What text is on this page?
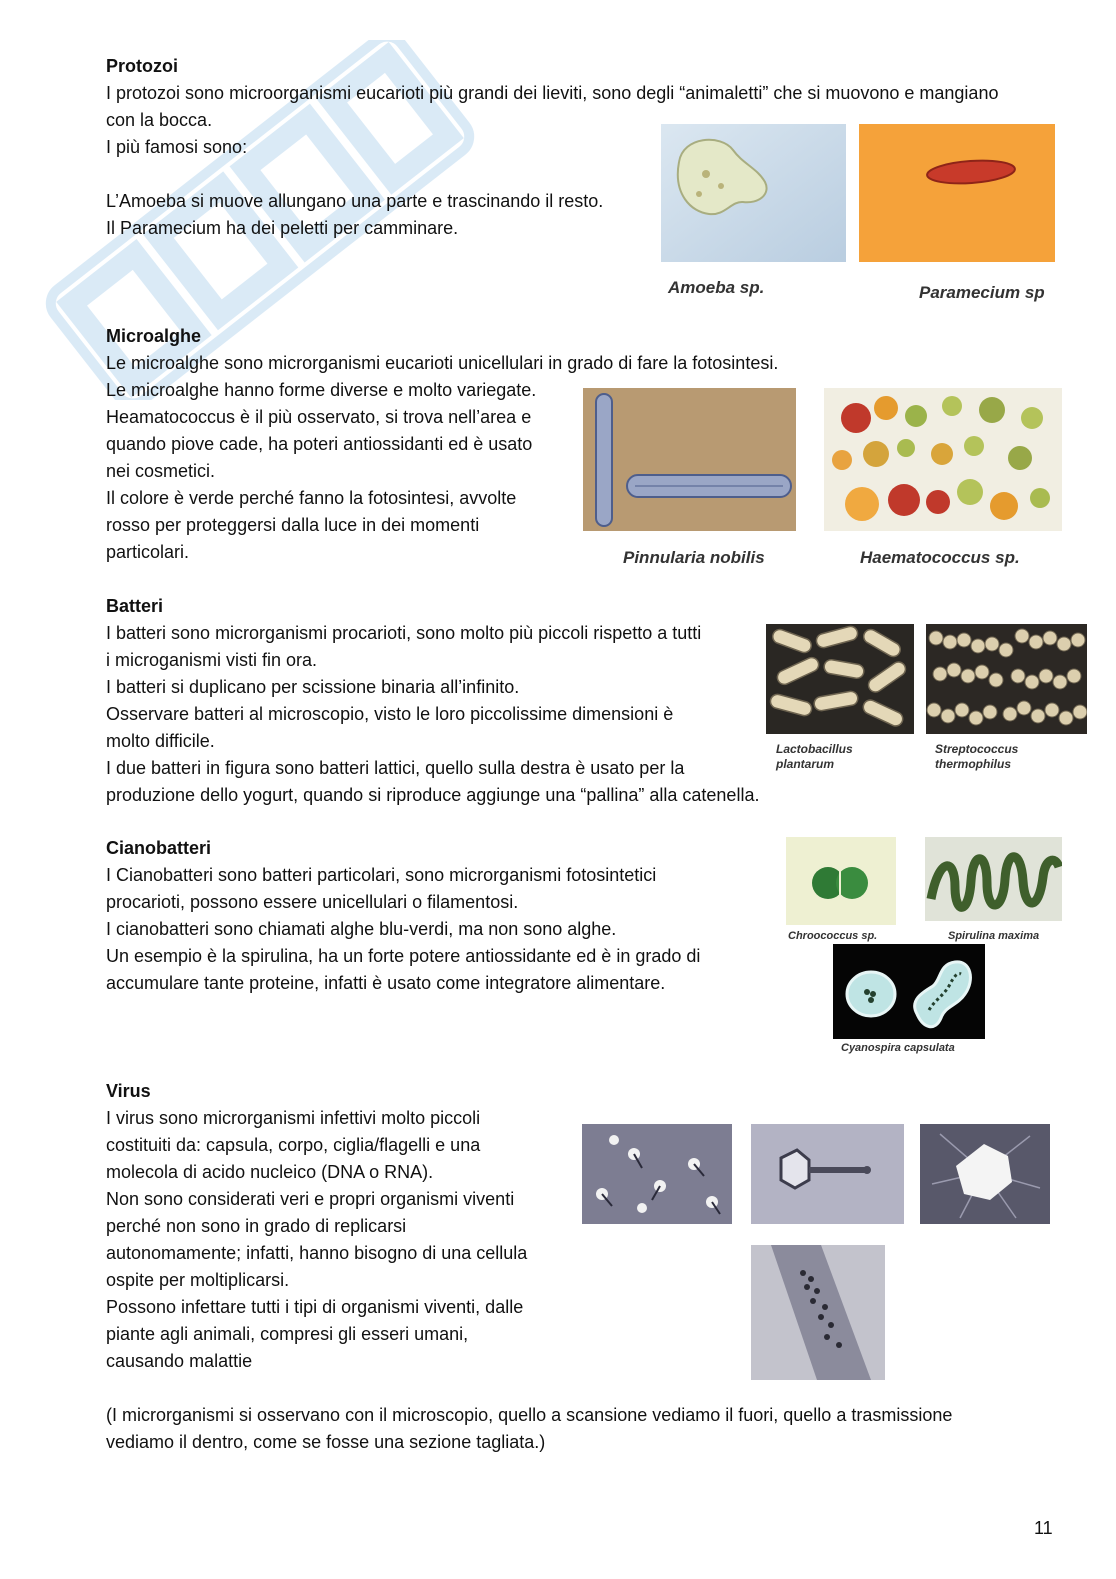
Protozoi

I protozoi sono microorganismi eucarioti più grandi dei lieviti, sono degli “animaletti” che si muovono e mangiano

con la bocca.

I più famosi sono:

L’Amoeba si muove allungano una parte e trascinando il resto.

Il Paramecium ha dei peletti per camminare.

Amoeba sp.	Paramecium sp

Microalghe

Le microalghe sono microrganismi eucarioti unicellulari in grado di fare la fotosintesi.

Le microalghe hanno forme diverse e molto variegate.

Heamatococcus è il più osservato, si trova nell’area e

quando piove cade, ha poteri antiossidanti ed è usato

nei cosmetici.

Il colore è verde perché fanno la fotosintesi, avvolte

rosso per proteggersi dalla luce in dei momenti

particolari.	Pinnularia nobilis	Haematococcus sp.

Batteri

I batteri sono microrganismi procarioti, sono molto più piccoli rispetto a tutti

i microganismi visti fin ora.

I batteri si duplicano per scissione binaria all’infinito.

Osservare batteri al microscopio, visto le loro piccolissime dimensioni è

molto difficile.

I due batteri in figura sono batteri lattici, quello sulla destra è usato per la

produzione dello yogurt, quando si riproduce aggiunge una “pallina” alla catenella.

Lactobacillus
plantarum
Streptococcus
thermophilus

Cianobatteri

I Cianobatteri sono batteri particolari, sono microrganismi fotosintetici

procarioti, possono essere unicellulari o filamentosi.

I cianobatteri sono chiamati alghe blu-verdi, ma non sono alghe.

Un esempio è la spirulina, ha un forte potere antiossidante ed è in grado di

accumulare tante proteine, infatti è usato come integratore alimentare.

Chroococcus sp.	Spirulina maxima
Cyanospira capsulata

Virus

I virus sono microrganismi infettivi molto piccoli

costituiti da: capsula, corpo, ciglia/flagelli e una

molecola di acido nucleico (DNA o RNA).

Non sono considerati veri e propri organismi viventi

perché non sono in grado di replicarsi

autonomamente; infatti, hanno bisogno di una cellula

ospite per moltiplicarsi.

Possono infettare tutti i tipi di organismi viventi, dalle

piante agli animali, compresi gli esseri umani,

causando malattie

(I microrganismi si osservano con il microscopio, quello a scansione vediamo il fuori, quello a trasmissione

vediamo il dentro, come se fosse una sezione tagliata.)

11
